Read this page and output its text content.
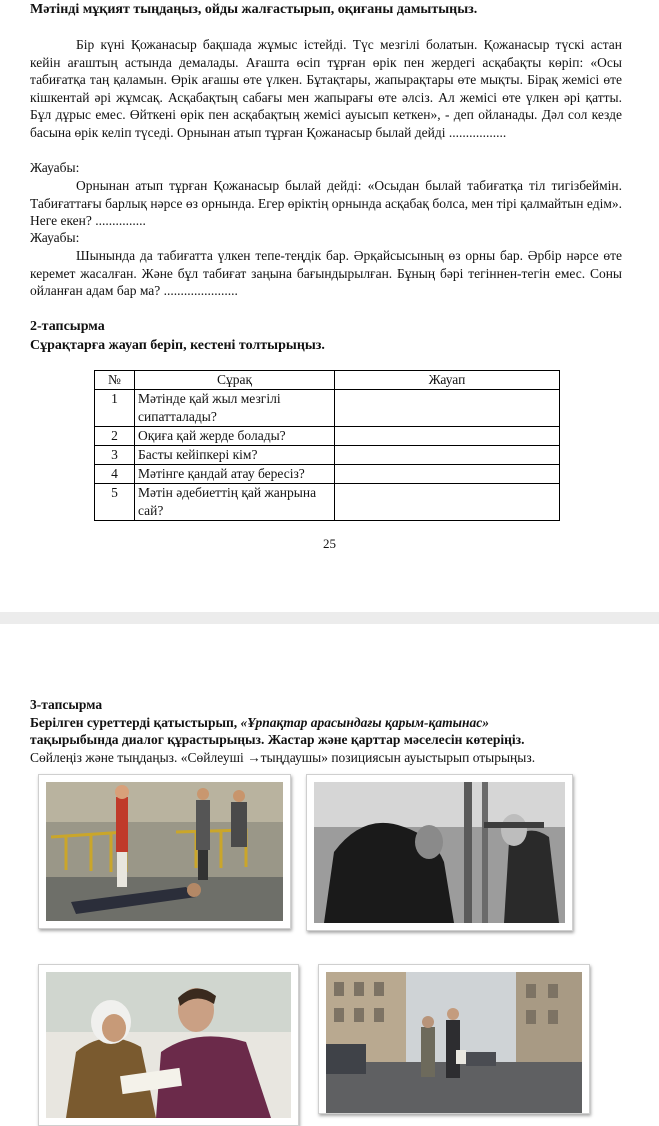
Мәтінді мұқият тыңдаңыз, ойды жалғастырып, оқиғаны дамытыңыз.

Бір күні Қожанасыр бақшада жұмыс істейді. Түс мезгілі болатын. Қожанасыр түскі астан кейін ағаштың астында демалады. Ағашта өсіп тұрған өрік пен жердегі асқабақты көріп: «Осы табиғатқа таң қаламын. Өрік ағашы өте үлкен. Бұтақтары, жапырақтары өте мықты. Бірақ жемісі өте кішкентай әрі жұмсақ. Асқабақтың сабағы мен жапырағы өте әлсіз. Ал жемісі өте үлкен әрі қатты. Бұл дұрыс емес. Өйткені өрік пен асқабақтың жемісі ауысып кеткен», - деп ойланады. Дәл сол кезде басына өрік келіп түседі. Орнынан атып тұрған Қожанасыр былай дейді .................

Жауабы:

Орнынан атып тұрған Қожанасыр былай дейді: «Осыдан былай табиғатқа тіл тигізбеймін. Табиғаттағы барлық нәрсе өз орнында. Егер өріктің орнында асқабақ болса, мен тірі қалмайтын едім». Неге екен? ...............

Жауабы:

Шынында да табиғатта үлкен тепе-теңдік бар. Әрқайсысының өз орны бар. Әрбір нәрсе өте керемет жасалған. Және бұл табиғат заңына бағындырылған. Бұның бәрі тегіннен-тегін емес. Соны ойланған адам бар ма? ......................

2-тапсырма
Сұрақтарға жауап беріп, кестені толтырыңыз.
№	Сұрақ	Жауап
1	Мәтінде қай жыл мезгілі сипатталады?	
2	Оқиға қай жерде болады?	
3	Басты кейіпкері кім?	
4	Мәтінге қандай атау бересіз?	
5	Мәтін әдебиеттің қай жанрына сай?	
25
3-тапсырма
Берілген суреттерді қатыстырып, «Ұрпақтар арасындағы қарым-қатынас»
тақырыбында диалог құрастырыңыз. Жастар және қарттар мәселесін көтеріңіз.
Сөйлеңіз және тыңдаңыз. «Сөйлеуші →тыңдаушы» позициясын ауыстырып отырыңыз.
